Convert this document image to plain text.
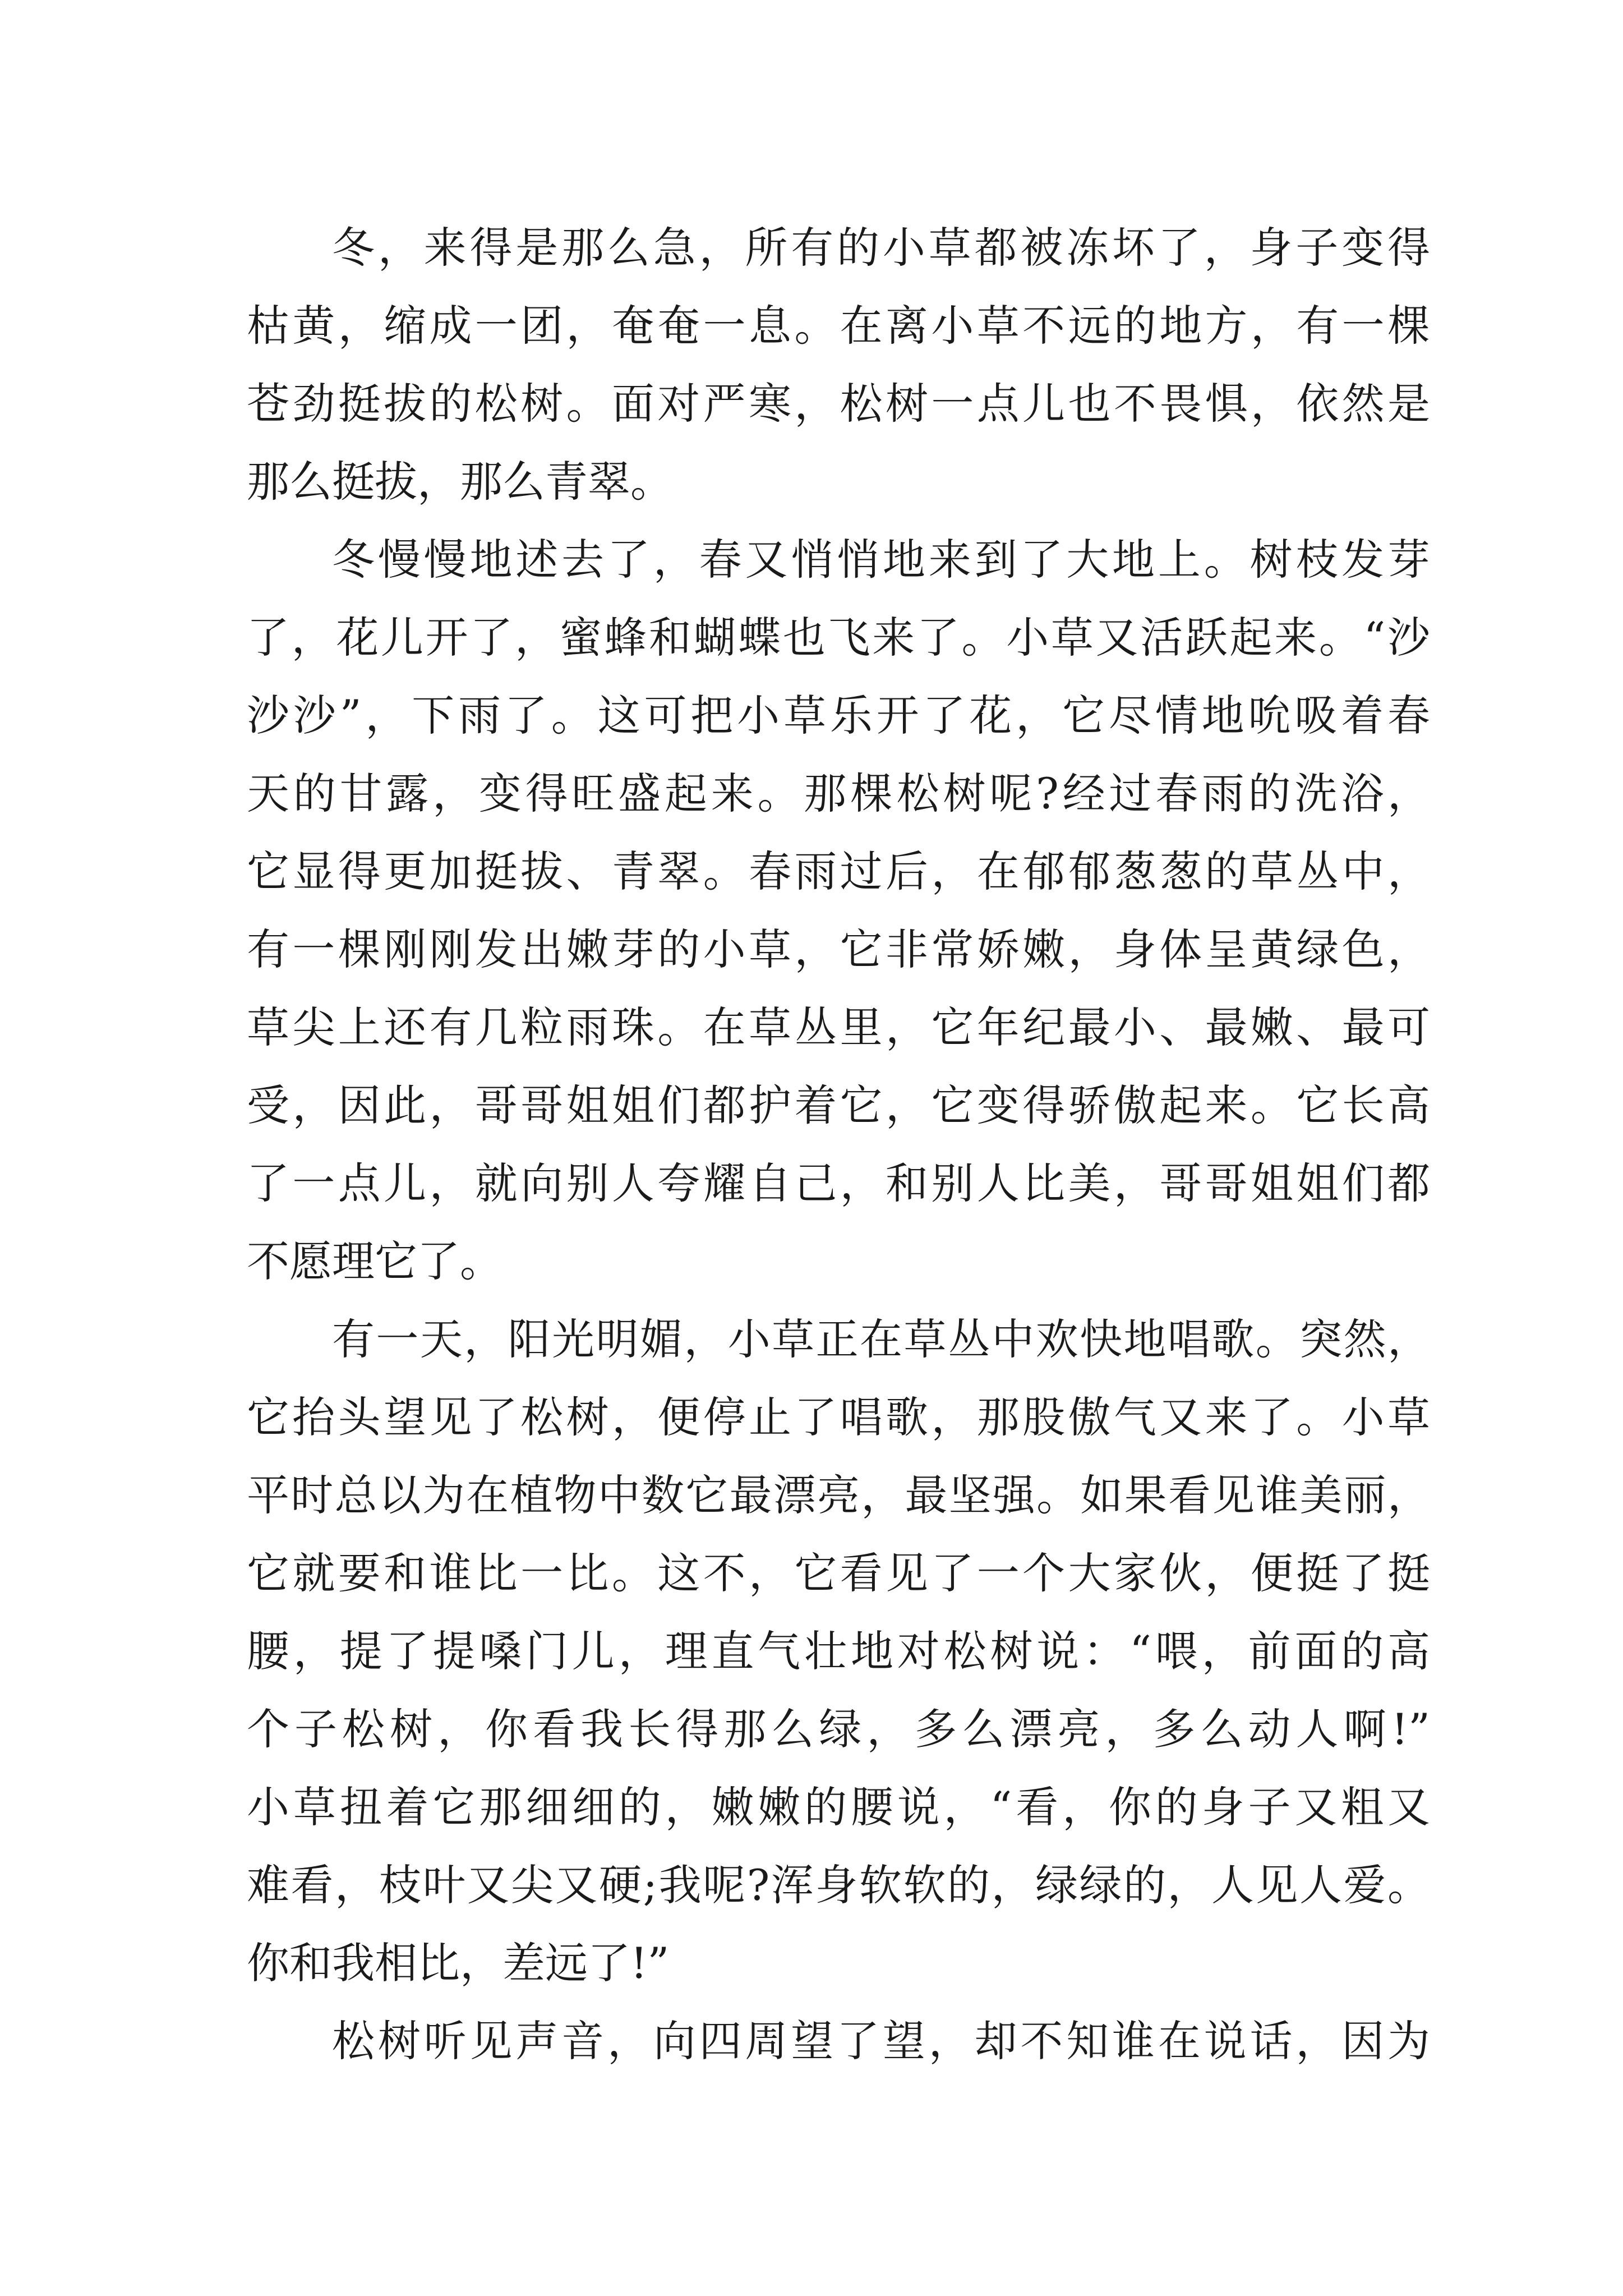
冬，来得是那么急，所有的小草都被冻坏了，身子变得
枯黄，缩成一团，奄奄一息。在离小草不远的地方，有一棵
苍劲挺拔的松树。面对严寒，松树一点儿也不畏惧，依然是
那么挺拔，那么青翠。
冬慢慢地述去了，春又悄悄地来到了大地上。树枝发芽
了，花儿开了，蜜蜂和蝴蝶也飞来了。小草又活跃起来。“沙
沙沙”，下雨了。这可把小草乐开了花，它尽情地吮吸着春
天的甘露，变得旺盛起来。那棵松树呢?经过春雨的洗浴，
它显得更加挺拔、青翠。春雨过后，在郁郁葱葱的草丛中，
有一棵刚刚发出嫩芽的小草，它非常娇嫩，身体呈黄绿色，
草尖上还有几粒雨珠。在草丛里，它年纪最小、最嫩、最可
受，因此，哥哥姐姐们都护着它，它变得骄傲起来。它长高
了一点儿，就向别人夸耀自己，和别人比美，哥哥姐姐们都
不愿理它了。
有一天，阳光明媚，小草正在草丛中欢快地唱歌。突然，
它抬头望见了松树，便停止了唱歌，那股傲气又来了。小草
平时总以为在植物中数它最漂亮，最坚强。如果看见谁美丽，
它就要和谁比一比。这不，它看见了一个大家伙，便挺了挺
腰，提了提嗓门儿，理直气壮地对松树说：“喂，前面的高
个子松树，你看我长得那么绿，多么漂亮，多么动人啊!”
小草扭着它那细细的，嫩嫩的腰说，“看，你的身子又粗又
难看，枝叶又尖又硬;我呢?浑身软软的，绿绿的，人见人爱。
你和我相比，差远了!”
松树听见声音，向四周望了望，却不知谁在说话，因为
